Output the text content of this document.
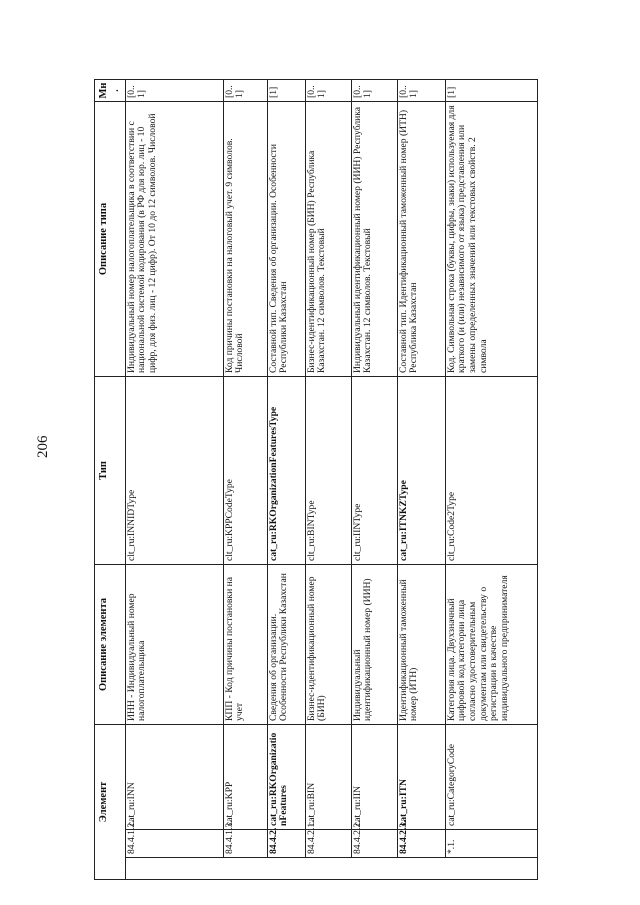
206
Элемент			Описание элемента	Тип	Описание типа	Мн.
	84.4.1.2.	cat_ru:INN	ИНН - Индивидуальный номер налогоплательщика	clt_ru:INNIDType	Индивидуальный номер налогоплательщика в соответствии с национальной системой кодирования (в РФ для юр. лиц - 10 цифр, для физ. лиц - 12 цифр). От 10 до 12 символов. Числовой	[0..1]
	84.4.1.3.	cat_ru:KPP	КПП - Код причины постановки на учет	clt_ru:KPPCodeType	Код причины постановки на налоговый учет. 9 символов. Числовой	[0..1]
	84.4.2.	cat_ru:RKOrganizationFeatures	Сведения об организации. Особенности Республики Казахстан	cat_ru:RKOrganizationFeaturesType	Составной тип. Сведения об организации. Особенности Республики Казахстан	[1]
	84.4.2.1.	cat_ru:BIN	Бизнес-идентификационный номер (БИН)	clt_ru:BINType	Бизнес-идентификационный номер (БИН) Республика Казахстан. 12 символов. Текстовый	[0..1]
	84.4.2.2.	cat_ru:IIN	Индивидуальный идентификационный номер (ИИН)	clt_ru:IINType	Индивидуальный идентификационный номер (ИИН) Республика Казахстан. 12 символов. Текстовый	[0..1]
	84.4.2.3.	cat_ru:ITN	Идентификационный таможенный номер (ИТН)	cat_ru:ITNKZType	Составной тип. Идентификационный таможенный номер (ИТН) Республика Казахстан	[0..1]
	*.1.	cat_ru:CategoryCode	Категория лица. Двухзначный цифровой код категории лица согласно удостоверительным документам или свидетельству о регистрации в качестве индивидуального предпринимателя	clt_ru:Code2Type	Код. Символьная строка (буквы, цифры, знаки) используемая для краткого (и (или) независимого от языка) представления или замены определенных значений или текстовых свойств. 2 символа	[1]
